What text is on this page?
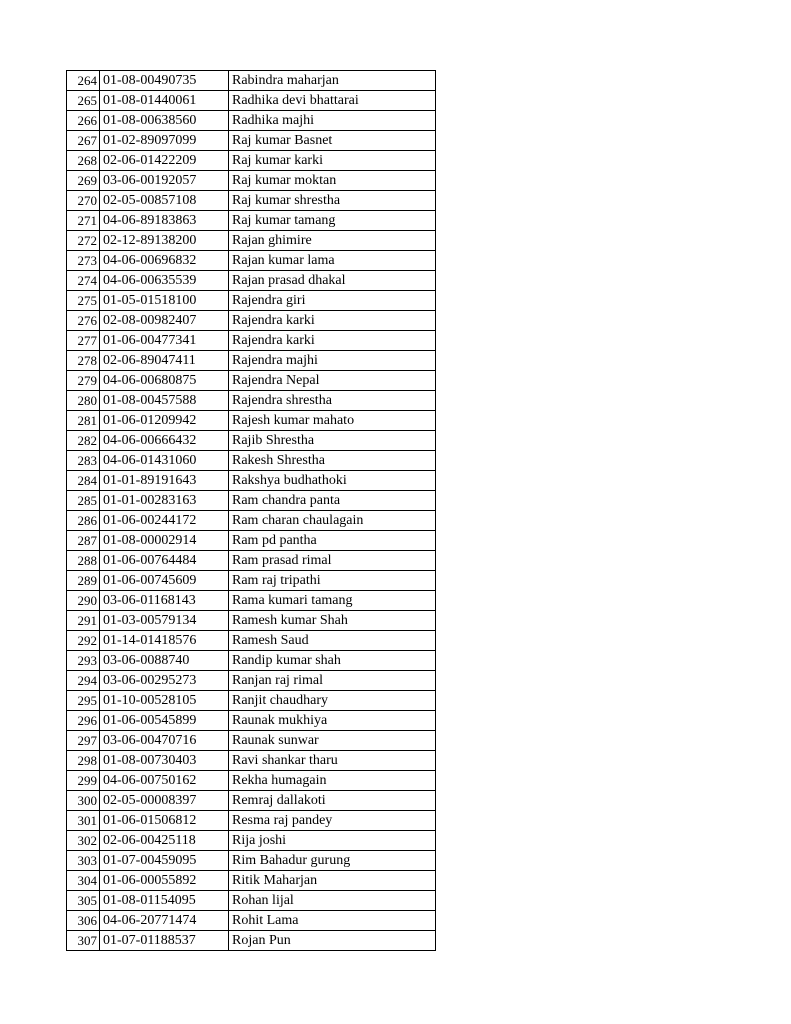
264	01-08-00490735	Rabindra maharjan
265	01-08-01440061	Radhika devi bhattarai
266	01-08-00638560	Radhika majhi
267	01-02-89097099	Raj kumar Basnet
268	02-06-01422209	Raj kumar karki
269	03-06-00192057	Raj kumar moktan
270	02-05-00857108	Raj kumar shrestha
271	04-06-89183863	Raj kumar tamang
272	02-12-89138200	Rajan ghimire
273	04-06-00696832	Rajan kumar lama
274	04-06-00635539	Rajan prasad dhakal
275	01-05-01518100	Rajendra giri
276	02-08-00982407	Rajendra karki
277	01-06-00477341	Rajendra karki
278	02-06-89047411	Rajendra majhi
279	04-06-00680875	Rajendra Nepal
280	01-08-00457588	Rajendra shrestha
281	01-06-01209942	Rajesh kumar mahato
282	04-06-00666432	Rajib Shrestha
283	04-06-01431060	Rakesh Shrestha
284	01-01-89191643	Rakshya budhathoki
285	01-01-00283163	Ram chandra panta
286	01-06-00244172	Ram charan chaulagain
287	01-08-00002914	Ram pd pantha
288	01-06-00764484	Ram prasad rimal
289	01-06-00745609	Ram raj tripathi
290	03-06-01168143	Rama kumari tamang
291	01-03-00579134	Ramesh kumar Shah
292	01-14-01418576	Ramesh Saud
293	03-06-0088740	Randip kumar shah
294	03-06-00295273	Ranjan raj rimal
295	01-10-00528105	Ranjit chaudhary
296	01-06-00545899	Raunak mukhiya
297	03-06-00470716	Raunak sunwar
298	01-08-00730403	Ravi shankar tharu
299	04-06-00750162	Rekha humagain
300	02-05-00008397	Remraj dallakoti
301	01-06-01506812	Resma raj pandey
302	02-06-00425118	Rija joshi
303	01-07-00459095	Rim Bahadur gurung
304	01-06-00055892	Ritik Maharjan
305	01-08-01154095	Rohan lijal
306	04-06-20771474	Rohit Lama
307	01-07-01188537	Rojan Pun
